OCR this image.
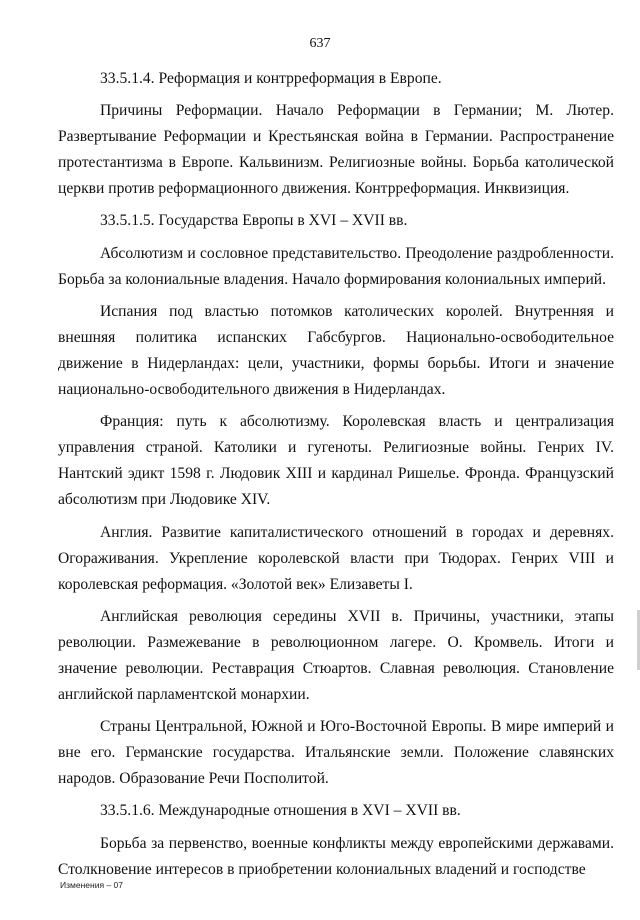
637

33.5.1.4. Реформация и контрреформация в Европе.

Причины Реформации. Начало Реформации в Германии; М. Лютер. Развертывание Реформации и Крестьянская война в Германии. Распространение протестантизма в Европе. Кальвинизм. Религиозные войны. Борьба католической церкви против реформационного движения. Контрреформация. Инквизиция.

33.5.1.5. Государства Европы в XVI – XVII вв.

Абсолютизм и сословное представительство. Преодоление раздробленности. Борьба за колониальные владения. Начало формирования колониальных империй.

Испания под властью потомков католических королей. Внутренняя и внешняя политика испанских Габсбургов. Национально-освободительное движение в Нидерландах: цели, участники, формы борьбы. Итоги и значение национально-освободительного движения в Нидерландах.

Франция: путь к абсолютизму. Королевская власть и централизация управления страной. Католики и гугеноты. Религиозные войны. Генрих IV. Нантский эдикт 1598 г. Людовик XIII и кардинал Ришелье. Фронда. Французский абсолютизм при Людовике XIV.

Англия. Развитие капиталистического отношений в городах и деревнях. Огораживания. Укрепление королевской власти при Тюдорах. Генрих VIII и королевская реформация. «Золотой век» Елизаветы I.

Английская революция середины XVII в. Причины, участники, этапы революции. Размежевание в революционном лагере. О. Кромвель. Итоги и значение революции. Реставрация Стюартов. Славная революция. Становление английской парламентской монархии.

Страны Центральной, Южной и Юго-Восточной Европы. В мире империй и вне его. Германские государства. Итальянские земли. Положение славянских народов. Образование Речи Посполитой.

33.5.1.6. Международные отношения в XVI – XVII вв.

Борьба за первенство, военные конфликты между европейскими державами. Столкновение интересов в приобретении колониальных владений и господстве

Изменения – 07
